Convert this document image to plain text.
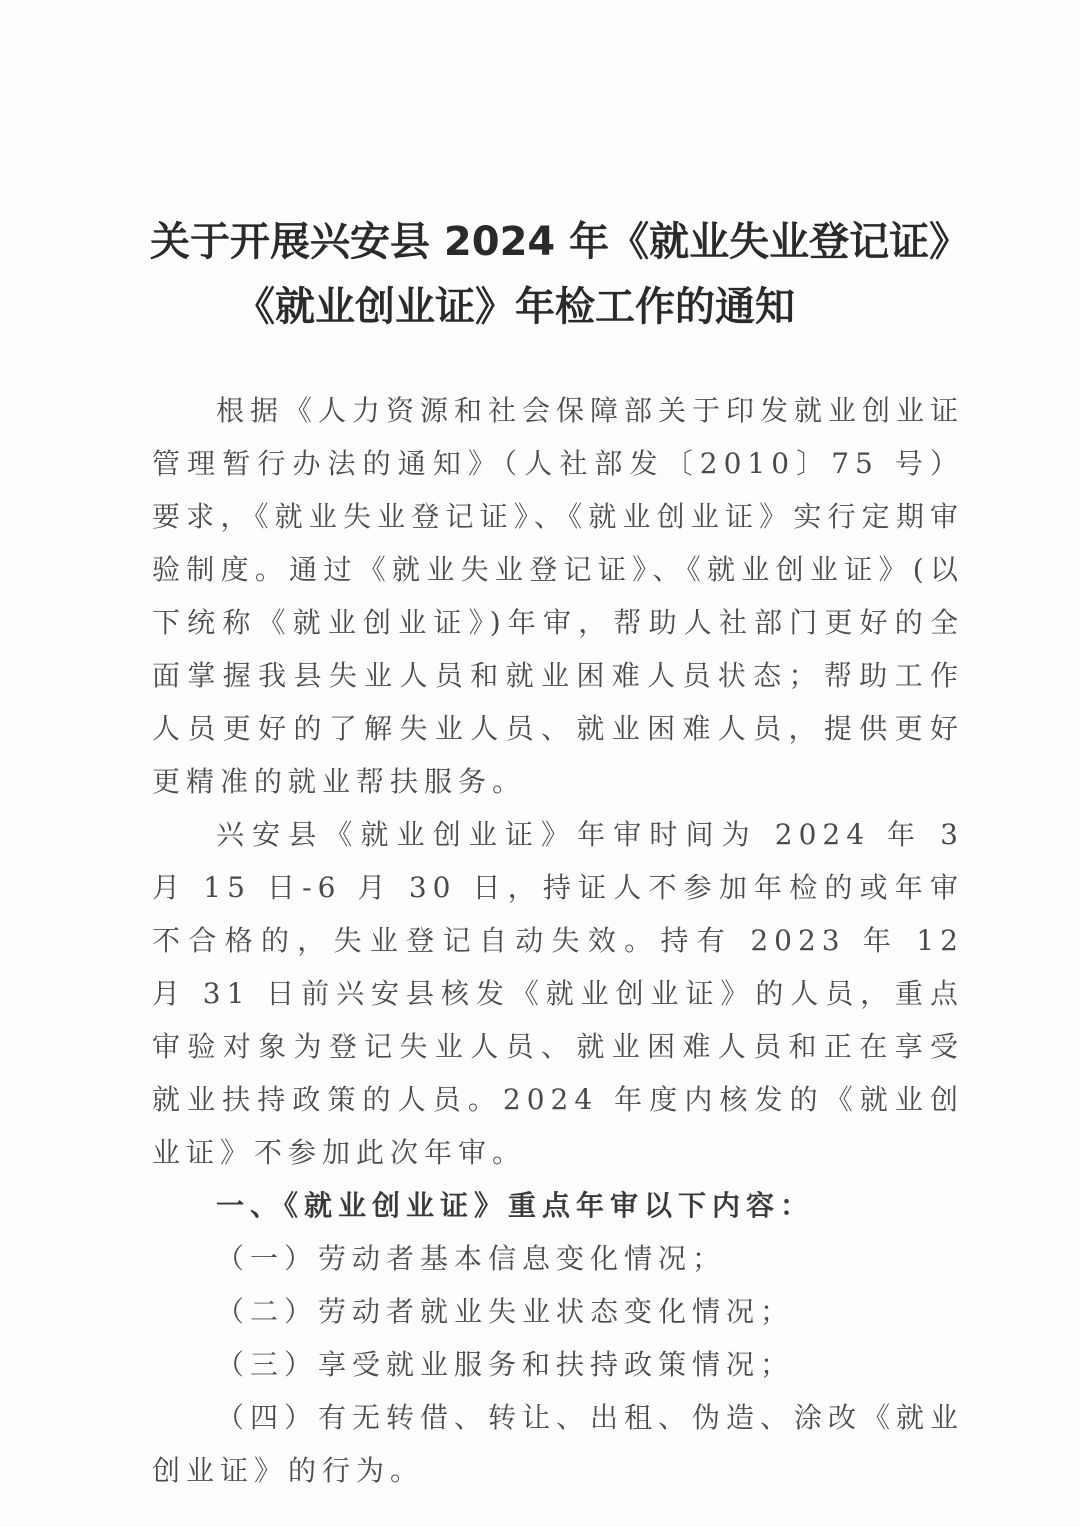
关于开展兴安县 2024 年《就业失业登记证》
《就业创业证》年检工作的通知

根据《人力资源和社会保障部关于印发就业创业证管理暂行办法的通知》（人社部发〔2010〕75 号）要求，《就业失业登记证》、《就业创业证》实行定期审验制度。通过《就业失业登记证》、《就业创业证》(以下统称《就业创业证》)年审，帮助人社部门更好的全面掌握我县失业人员和就业困难人员状态；帮助工作人员更好的了解失业人员、就业困难人员，提供更好更精准的就业帮扶服务。

兴安县《就业创业证》年审时间为 2024 年 3 月 15 日-6 月 30 日，持证人不参加年检的或年审不合格的，失业登记自动失效。持有 2023 年 12 月 31 日前兴安县核发《就业创业证》的人员，重点审验对象为登记失业人员、就业困难人员和正在享受就业扶持政策的人员。2024 年度内核发的《就业创业证》不参加此次年审。

一、《就业创业证》重点年审以下内容：

（一）劳动者基本信息变化情况；

（二）劳动者就业失业状态变化情况；

（三）享受就业服务和扶持政策情况；

（四）有无转借、转让、出租、伪造、涂改《就业创业证》的行为。
